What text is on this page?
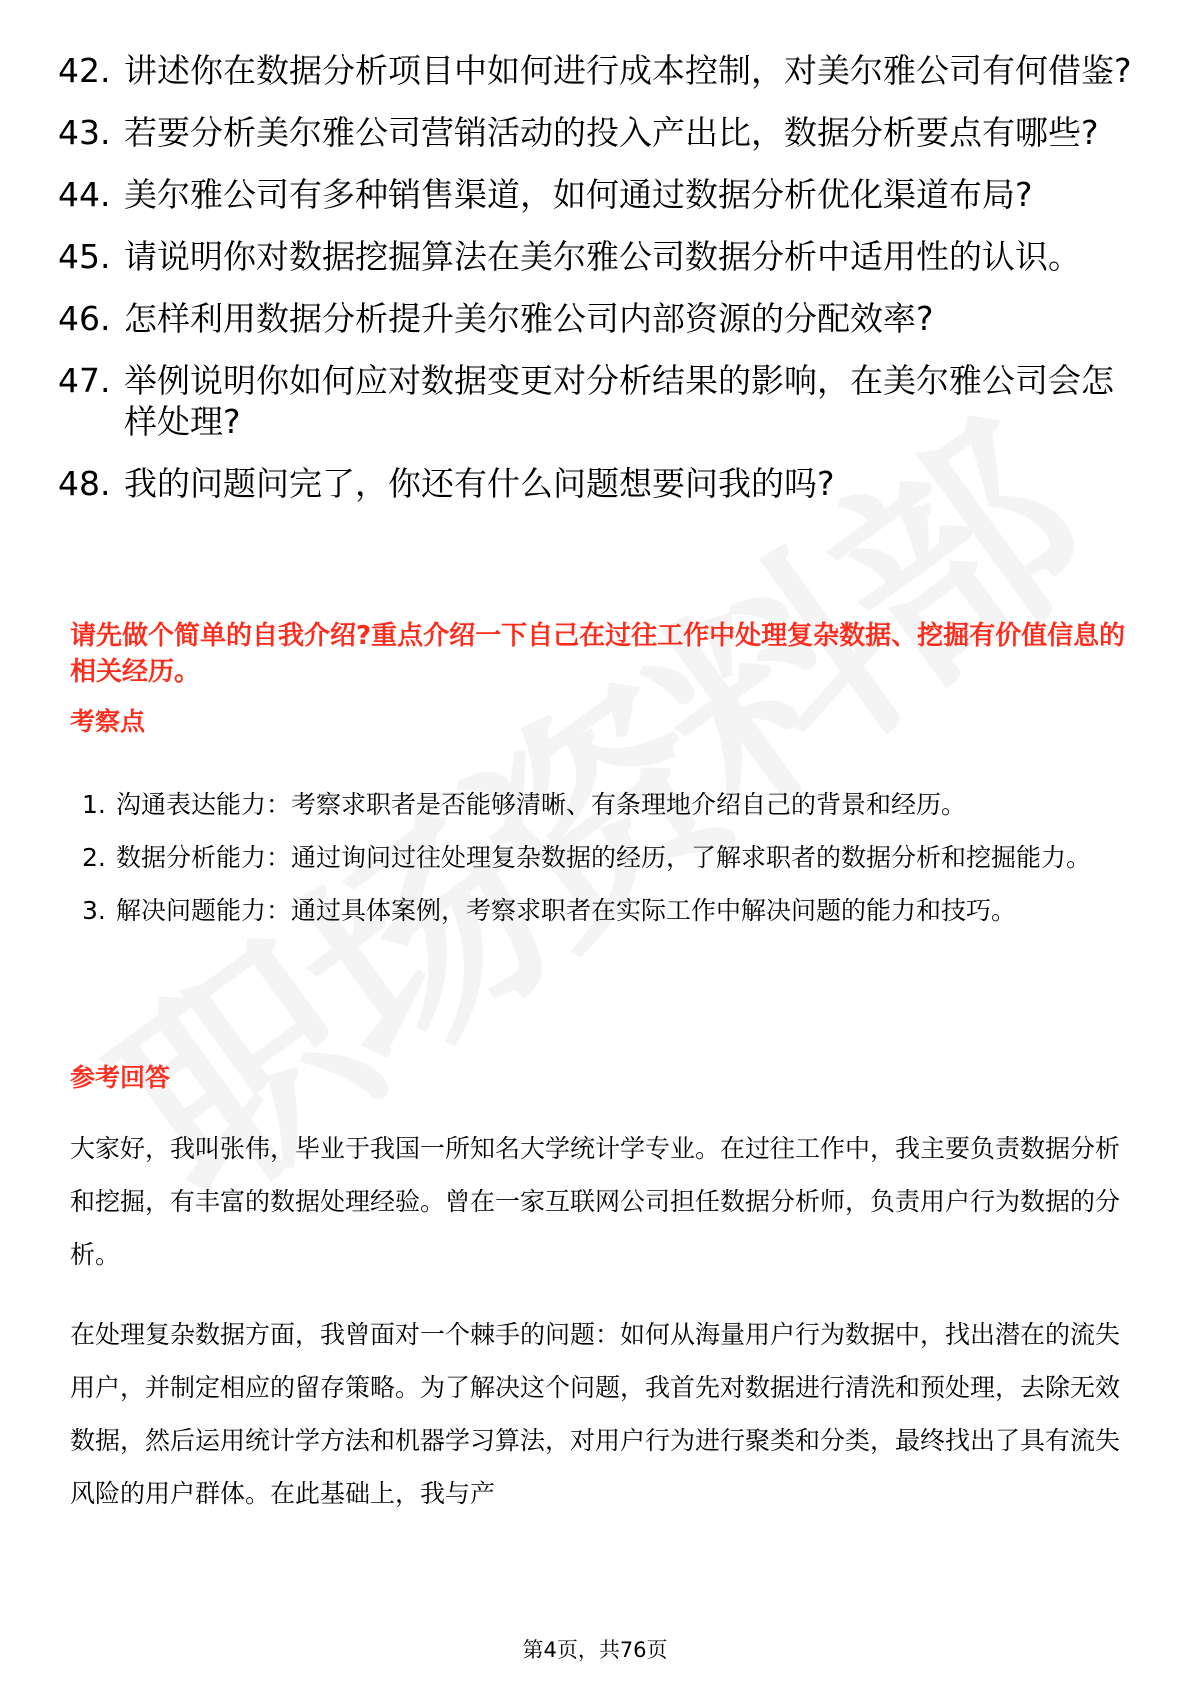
42. 讲述你在数据分析项目中如何进行成本控制，对美尔雅公司有何借鉴?
43. 若要分析美尔雅公司营销活动的投入产出比，数据分析要点有哪些?
44. 美尔雅公司有多种销售渠道，如何通过数据分析优化渠道布局?
45. 请说明你对数据挖掘算法在美尔雅公司数据分析中适用性的认识。
46. 怎样利用数据分析提升美尔雅公司内部资源的分配效率?
47. 举例说明你如何应对数据变更对分析结果的影响，在美尔雅公司会怎样处理?
48. 我的问题问完了，你还有什么问题想要问我的吗?

请先做个简单的自我介绍?重点介绍一下自己在过往工作中处理复杂数据、挖掘有价值信息的相关经历。

考察点

1. 沟通表达能力：考察求职者是否能够清晰、有条理地介绍自己的背景和经历。
2. 数据分析能力：通过询问过往处理复杂数据的经历，了解求职者的数据分析和挖掘能力。
3. 解决问题能力：通过具体案例，考察求职者在实际工作中解决问题的能力和技巧。

参考回答

大家好，我叫张伟，毕业于我国一所知名大学统计学专业。在过往工作中，我主要负责数据分析和挖掘，有丰富的数据处理经验。曾在一家互联网公司担任数据分析师，负责用户行为数据的分析。

在处理复杂数据方面，我曾面对一个棘手的问题：如何从海量用户行为数据中，找出潜在的流失用户，并制定相应的留存策略。为了解决这个问题，我首先对数据进行清洗和预处理，去除无效数据，然后运用统计学方法和机器学习算法，对用户行为进行聚类和分类，最终找出了具有流失风险的用户群体。在此基础上，我与产

第4页，共76页
